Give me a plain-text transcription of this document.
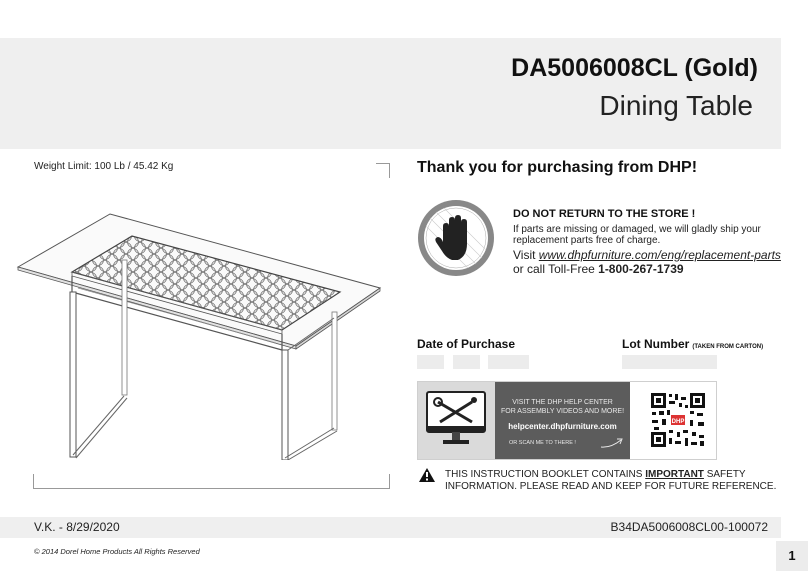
DA5006008CL (Gold)
Dining Table
Weight Limit: 100 Lb / 45.42 Kg	Thank you for purchasing from DHP!
DO NOT RETURN TO THE STORE !
If parts are missing or damaged, we will gladly ship your
replacement parts free of charge.
Visit www.dhpfurniture.com/eng/replacement-parts
or call Toll-Free 1-800-267-1739
Date of Purchase	Lot Number (TAKEN FROM CARTON)
VISIT THE DHP HELP CENTER
FOR ASSEMBLY VIDEOS AND MORE!
helpcenter.dhpfurniture.com
OR SCAN ME TO THERE !
DHP
THIS INSTRUCTION BOOKLET CONTAINS IMPORTANT SAFETY
INFORMATION. PLEASE READ AND KEEP FOR FUTURE REFERENCE.
V.K. - 8/29/2020	B34DA5006008CL00-100072
© 2014 Dorel Home Products All Rights Reserved	1
